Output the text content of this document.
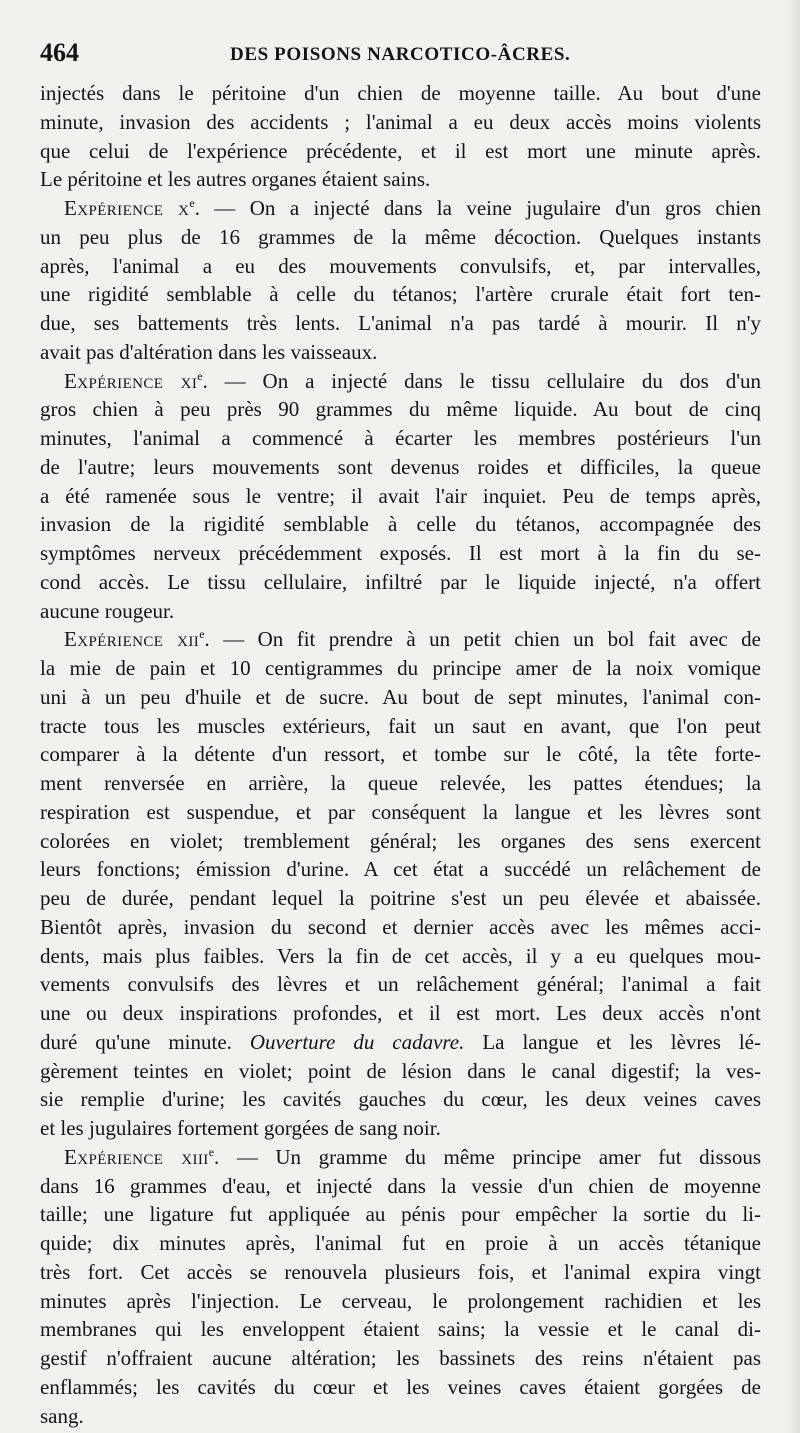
464	DES POISONS NARCOTICO-ÂCRES.
injectés dans le péritoine d'un chien de moyenne taille. Au bout d'une
minute, invasion des accidents ; l'animal a eu deux accès moins violents
que celui de l'expérience précédente, et il est mort une minute après.
Le péritoine et les autres organes étaient sains.
Expérience $x^e$. — On a injecté dans la veine jugulaire d'un gros chien
un peu plus de 16 grammes de la même décoction. Quelques instants
après, l'animal a eu des mouvements convulsifs, et, par intervalles,
une rigidité semblable à celle du tétanos; l'artère crurale était fort ten-
due, ses battements très lents. L'animal n'a pas tardé à mourir. Il n'y
avait pas d'altération dans les vaisseaux.
Expérience $xi^e$. — On a injecté dans le tissu cellulaire du dos d'un
gros chien à peu près 90 grammes du même liquide. Au bout de cinq
minutes, l'animal a commencé à écarter les membres postérieurs l'un
de l'autre; leurs mouvements sont devenus roides et difficiles, la queue
a été ramenée sous le ventre; il avait l'air inquiet. Peu de temps après,
invasion de la rigidité semblable à celle du tétanos, accompagnée des
symptômes nerveux précédemment exposés. Il est mort à la fin du se-
cond accès. Le tissu cellulaire, infiltré par le liquide injecté, n'a offert
aucune rougeur.
Expérience xii$^e$. — On fit prendre à un petit chien un bol fait avec de
la mie de pain et 10 centigrammes du principe amer de la noix vomique
uni à un peu d'huile et de sucre. Au bout de sept minutes, l'animal con-
tracte tous les muscles extérieurs, fait un saut en avant, que l'on peut
comparer à la détente d'un ressort, et tombe sur le côté, la tête forte-
ment renversée en arrière, la queue relevée, les pattes étendues; la
respiration est suspendue, et par conséquent la langue et les lèvres sont
colorées en violet; tremblement général; les organes des sens exercent
leurs fonctions; émission d'urine. A cet état a succédé un relâchement de
peu de durée, pendant lequel la poitrine s'est un peu élevée et abaissée.
Bientôt après, invasion du second et dernier accès avec les mêmes acci-
dents, mais plus faibles. Vers la fin de cet accès, il y a eu quelques mou-
vements convulsifs des lèvres et un relâchement général; l'animal a fait
une ou deux inspirations profondes, et il est mort. Les deux accès n'ont
duré qu'une minute. Ouverture du cadavre. La langue et les lèvres lé-
gèrement teintes en violet; point de lésion dans le canal digestif; la ves-
sie remplie d'urine; les cavités gauches du cœur, les deux veines caves
et les jugulaires fortement gorgées de sang noir.
Expérience xiii$^e$. — Un gramme du même principe amer fut dissous
dans 16 grammes d'eau, et injecté dans la vessie d'un chien de moyenne
taille; une ligature fut appliquée au pénis pour empêcher la sortie du li-
quide; dix minutes après, l'animal fut en proie à un accès tétanique
très fort. Cet accès se renouvela plusieurs fois, et l'animal expira vingt
minutes après l'injection. Le cerveau, le prolongement rachidien et les
membranes qui les enveloppent étaient sains; la vessie et le canal di-
gestif n'offraient aucune altération; les bassinets des reins n'étaient pas
enflammés; les cavités du cœur et les veines caves étaient gorgées de
sang.
